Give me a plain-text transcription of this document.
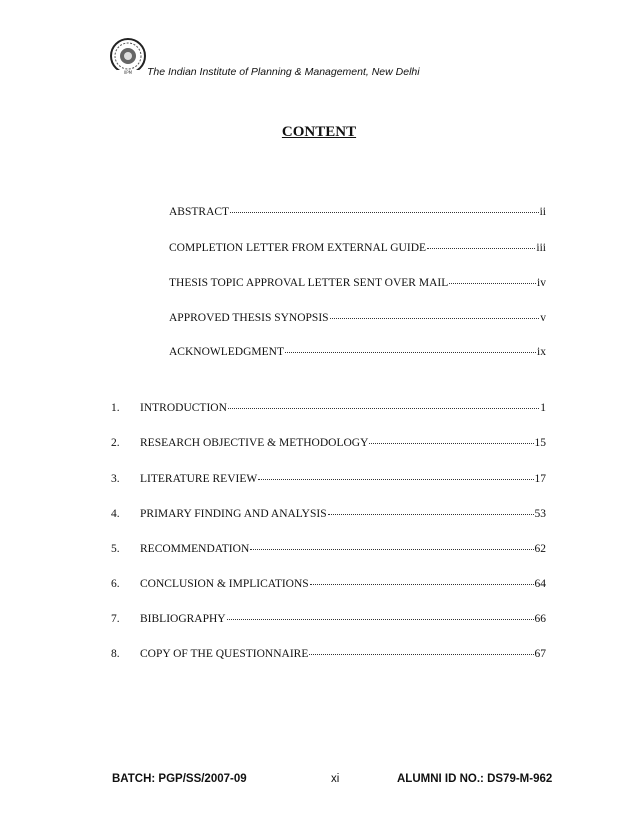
IIPM The Indian Institute of Planning & Management, New Delhi
CONTENT
ABSTRACT	ii
COMPLETION LETTER FROM EXTERNAL GUIDE	iii
THESIS TOPIC APPROVAL LETTER SENT OVER MAIL	iv
APPROVED THESIS SYNOPSIS	v
ACKNOWLEDGMENT	ix
1. INTRODUCTION	1
2. RESEARCH OBJECTIVE & METHODOLOGY	15
3. LITERATURE REVIEW	17
4. PRIMARY FINDING AND ANALYSIS	53
5. RECOMMENDATION	62
6. CONCLUSION & IMPLICATIONS	64
7. BIBLIOGRAPHY	66
8. COPY OF THE QUESTIONNAIRE	67
BATCH: PGP/SS/2007-09	xi	ALUMNI ID NO.: DS79-M-962
